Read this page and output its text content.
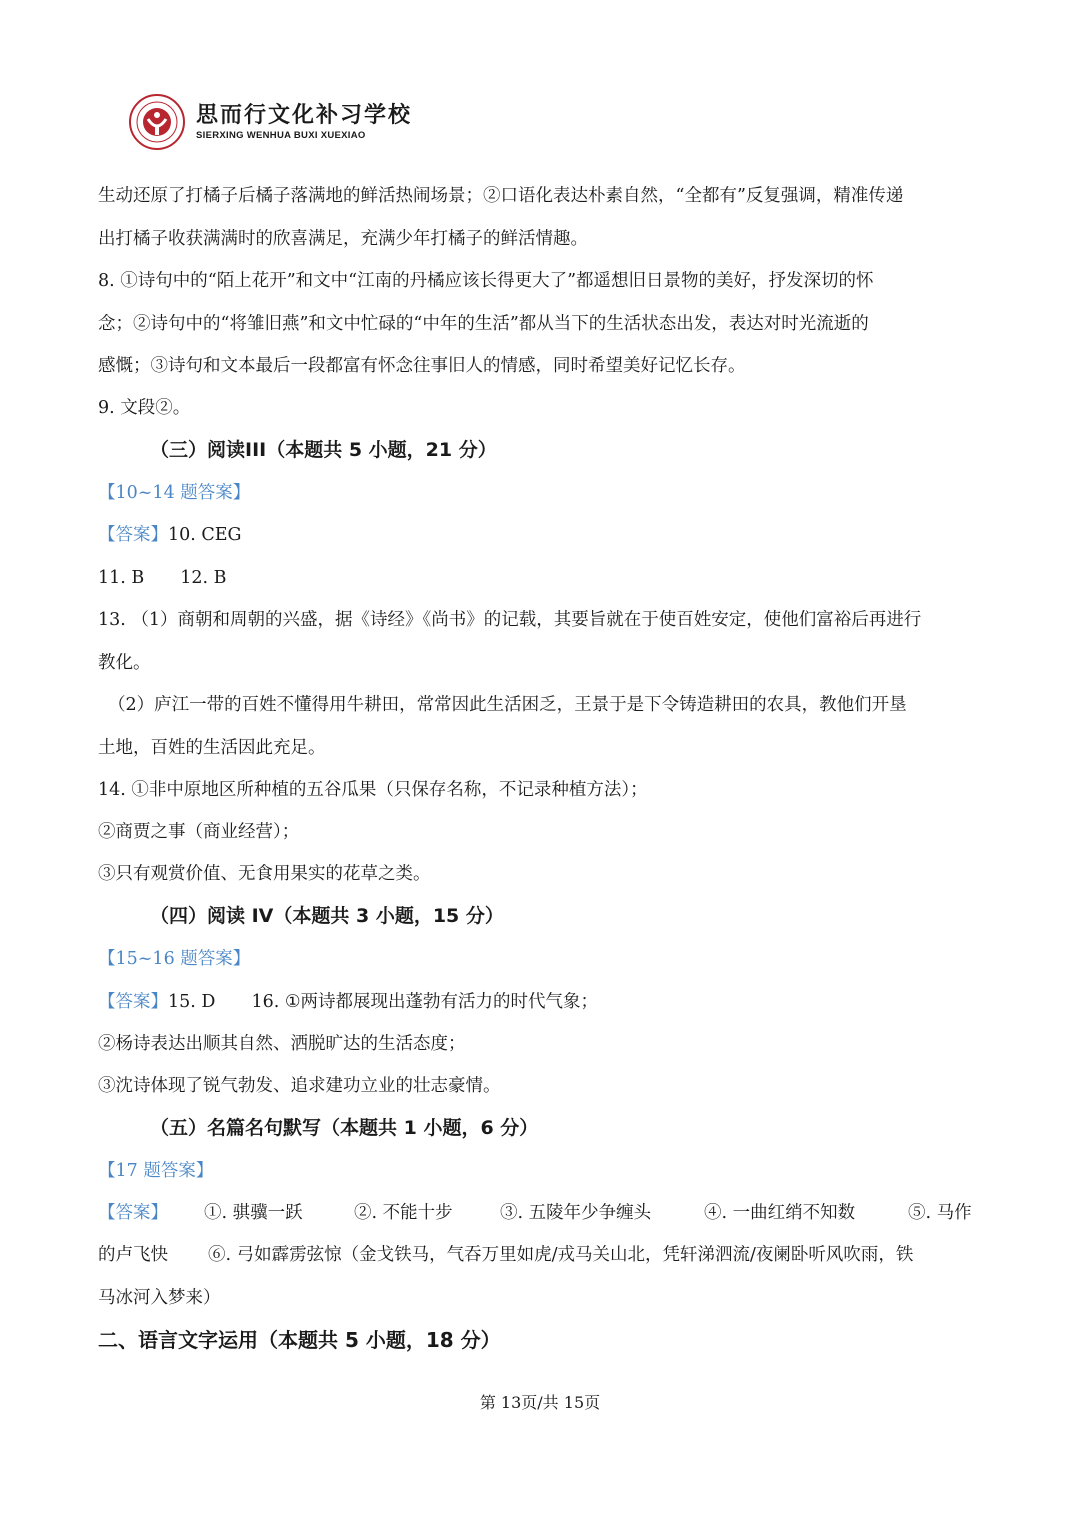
思而行文化补习学校
SIERXING WENHUA BUXI XUEXIAO
生动还原了打橘子后橘子落满地的鲜活热闹场景；②口语化表达朴素自然，“全都有”反复强调，精准传递
出打橘子收获满满时的欣喜满足，充满少年打橘子的鲜活情趣。
8. ①诗句中的“陌上花开”和文中“江南的丹橘应该长得更大了”都遥想旧日景物的美好，抒发深切的怀
念；②诗句中的“将雏旧燕”和文中忙碌的“中年的生活”都从当下的生活状态出发，表达对时光流逝的
感慨；③诗句和文本最后一段都富有怀念往事旧人的情感，同时希望美好记忆长存。
9. 文段②。
（三）阅读III（本题共 5 小题，21 分）
【10~14 题答案】
【答案】10. CEG
11. B 12. B
13. （1）商朝和周朝的兴盛，据《诗经》《尚书》的记载，其要旨就在于使百姓安定，使他们富裕后再进行
教化。
（2）庐江一带的百姓不懂得用牛耕田，常常因此生活困乏，王景于是下令铸造耕田的农具，教他们开垦
土地，百姓的生活因此充足。
14. ①非中原地区所种植的五谷瓜果（只保存名称，不记录种植方法）；
②商贾之事（商业经营）；
③只有观赏价值、无食用果实的花草之类。
（四）阅读 IV（本题共 3 小题，15 分）
【15~16 题答案】
【答案】15. D 16. ①两诗都展现出蓬勃有活力的时代气象；
②杨诗表达出顺其自然、洒脱旷达的生活态度；
③沈诗体现了锐气勃发、追求建功立业的壮志豪情。
（五）名篇名句默写（本题共 1 小题，6 分）
【17 题答案】
【答案】 ①. 骐骥一跃	②. 不能十步	③. 五陵年少争缠头	④. 一曲红绡不知数	⑤. 马作
的卢飞快 ⑥. 弓如霹雳弦惊（金戈铁马，气吞万里如虎/戎马关山北，凭轩涕泗流/夜阑卧听风吹雨，铁
马冰河入梦来）
二、语言文字运用（本题共 5 小题，18 分）
第 13页/共 15页
